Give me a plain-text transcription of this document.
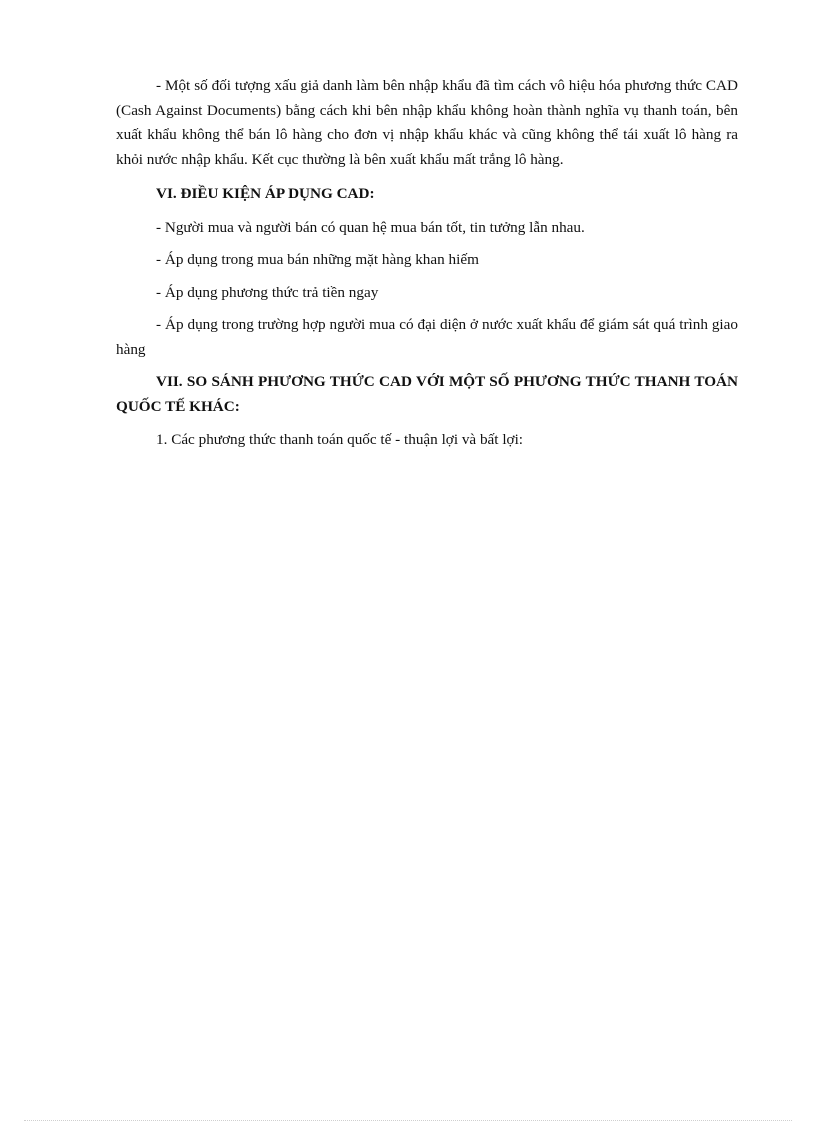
- Một số đối tượng xấu giả danh làm bên nhập khẩu đã tìm cách vô hiệu hóa phương thức CAD (Cash Against Documents) bằng cách khi bên nhập khẩu không hoàn thành nghĩa vụ thanh toán, bên xuất khẩu không thể bán lô hàng cho đơn vị nhập khẩu khác và cũng không thể tái xuất lô hàng ra khỏi nước nhập khẩu. Kết cục thường là bên xuất khẩu mất trắng lô hàng.

VI. ĐIỀU KIỆN ÁP DỤNG CAD:

- Người mua và người bán có quan hệ mua bán tốt, tin tưởng lẫn nhau.

- Áp dụng trong mua bán những mặt hàng khan hiếm

- Áp dụng phương thức trả tiền ngay

- Áp dụng trong trường hợp người mua có đại diện ở nước xuất khẩu để giám sát quá trình giao hàng

VII. SO SÁNH PHƯƠNG THỨC CAD VỚI MỘT SỐ PHƯƠNG THỨC THANH TOÁN QUỐC TẾ KHÁC:

1. Các phương thức thanh toán quốc tế - thuận lợi và bất lợi:
